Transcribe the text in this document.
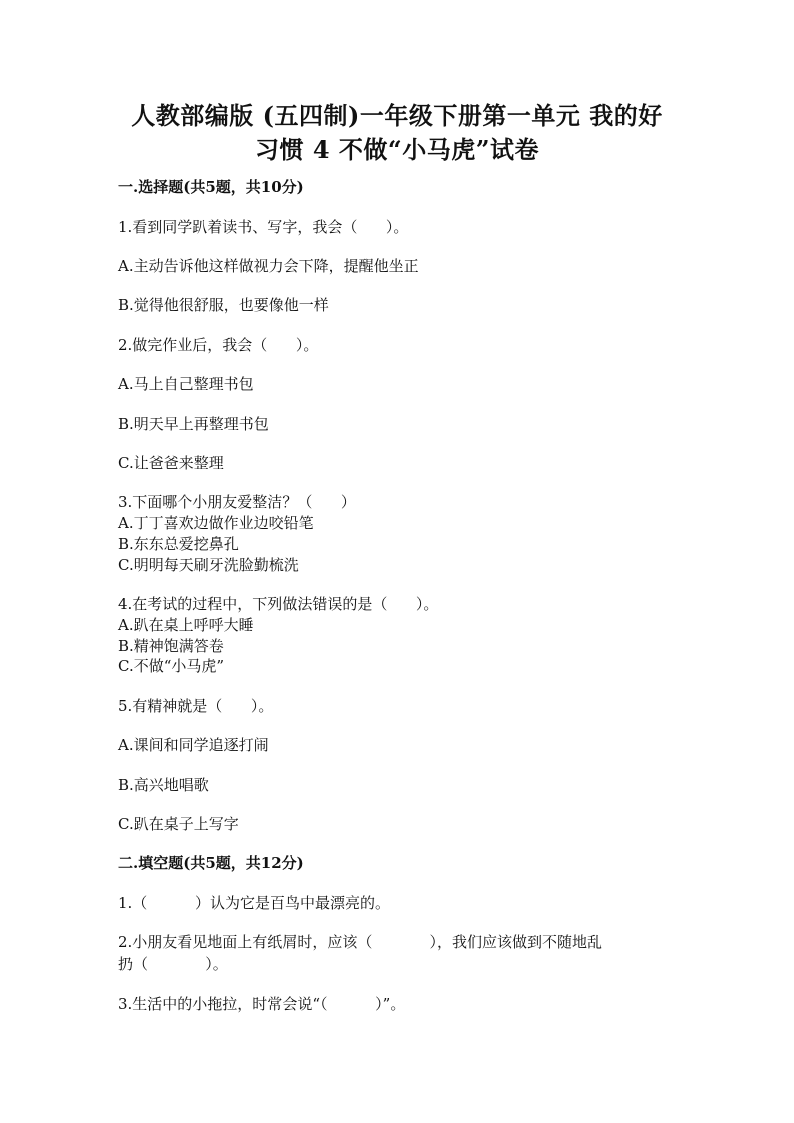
人教部编版 (五四制)一年级下册第一单元 我的好
习惯 4 不做“小马虎”试卷
一.选择题(共5题，共10分)
1.看到同学趴着读书、写字，我会（      ）。
A.主动告诉他这样做视力会下降，提醒他坐正
B.觉得他很舒服，也要像他一样
2.做完作业后，我会（      ）。
A.马上自己整理书包
B.明天早上再整理书包
C.让爸爸来整理
3.下面哪个小朋友爱整洁？（      ）
A.丁丁喜欢边做作业边咬铅笔
B.东东总爱挖鼻孔
C.明明每天刷牙洗脸勤梳洗
4.在考试的过程中，下列做法错误的是（      ）。
A.趴在桌上呼呼大睡
B.精神饱满答卷
C.不做“小马虎”
5.有精神就是（      ）。
A.课间和同学追逐打闹
B.高兴地唱歌
C.趴在桌子上写字
二.填空题(共5题，共12分)
1.（          ）认为它是百鸟中最漂亮的。
2.小朋友看见地面上有纸屑时，应该（            ），我们应该做到不随地乱
扔（            ）。
3.生活中的小拖拉，时常会说“（          ）”。
